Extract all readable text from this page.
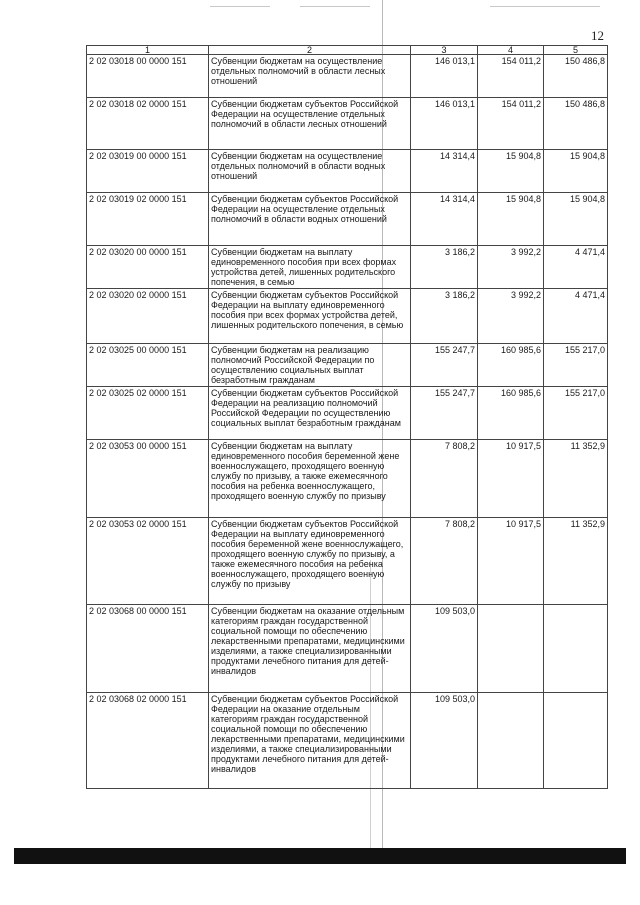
12
1	2	3	4	5
2 02 03018 00 0000 151	Субвенции бюджетам на осуществление отдельных полномочий в области лесных отношений	146 013,1	154 011,2	150 486,8
2 02 03018 02 0000 151	Субвенции бюджетам субъектов Российской Федерации на осуществление отдельных полномочий в области лесных отношений	146 013,1	154 011,2	150 486,8
2 02 03019 00 0000 151	Субвенции бюджетам на осуществление отдельных полномочий в области водных отношений	14 314,4	15 904,8	15 904,8
2 02 03019 02 0000 151	Субвенции бюджетам субъектов Российской Федерации на осуществление отдельных полномочий в области водных отношений	14 314,4	15 904,8	15 904,8
2 02 03020 00 0000 151	Субвенции бюджетам на выплату единовременного пособия при всех формах устройства детей, лишенных родительского попечения, в семью	3 186,2	3 992,2	4 471,4
2 02 03020 02 0000 151	Субвенции бюджетам субъектов Российской Федерации на выплату единовременного пособия при всех формах устройства детей, лишенных родительского попечения, в семью	3 186,2	3 992,2	4 471,4
2 02 03025 00 0000 151	Субвенции бюджетам на реализацию полномочий Российской Федерации по осуществлению социальных выплат безработным гражданам	155 247,7	160 985,6	155 217,0
2 02 03025 02 0000 151	Субвенции бюджетам субъектов Российской Федерации на реализацию полномочий Российской Федерации по осуществлению социальных выплат безработным гражданам	155 247,7	160 985,6	155 217,0
2 02 03053 00 0000 151	Субвенции бюджетам на выплату единовременного пособия беременной жене военнослужащего, проходящего военную службу по призыву, а также ежемесячного пособия на ребенка военнослужащего, проходящего военную службу по призыву	7 808,2	10 917,5	11 352,9
2 02 03053 02 0000 151	Субвенции бюджетам субъектов Российской Федерации на выплату единовременного пособия беременной жене военнослужащего, проходящего военную службу по призыву, а также ежемесячного пособия на ребенка военнослужащего, проходящего военную службу по призыву	7 808,2	10 917,5	11 352,9
2 02 03068 00 0000 151	Субвенции бюджетам на оказание отдельным категориям граждан государственной социальной помощи по обеспечению лекарственными препаратами, медицинскими изделиями, а также специализированными продуктами лечебного питания для детей-инвалидов	109 503,0		
2 02 03068 02 0000 151	Субвенции бюджетам субъектов Российской Федерации на оказание отдельным категориям граждан государственной социальной помощи по обеспечению лекарственными препаратами, медицинскими изделиями, а также специализированными продуктами лечебного питания для детей-инвалидов	109 503,0		
